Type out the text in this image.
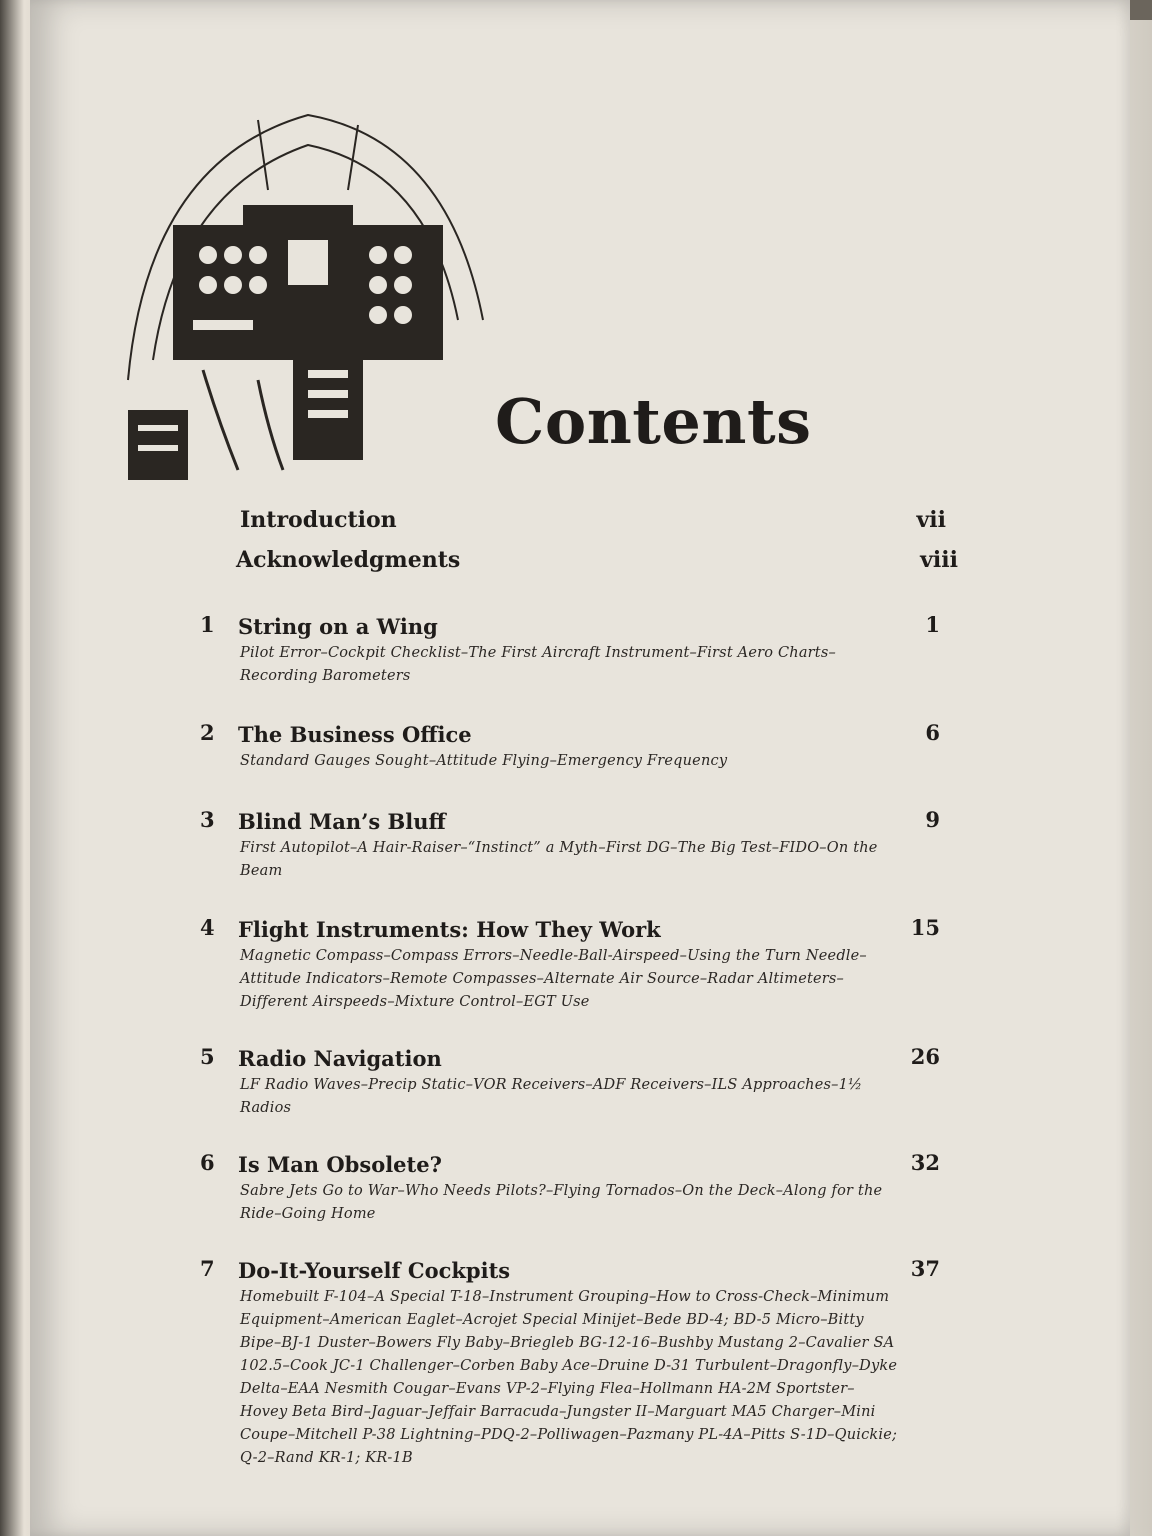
Contents
Introduction	vii
Acknowledgments	viii
1 String on a Wing	1
Pilot Error–Cockpit Checklist–The First Aircraft Instrument–First Aero Charts–Recording Barometers
2 The Business Office	6
Standard Gauges Sought–Attitude Flying–Emergency Frequency
3 Blind Man’s Bluff	9
First Autopilot–A Hair-Raiser–“Instinct” a Myth–First DG–The Big Test–FIDO–On the Beam
4 Flight Instruments: How They Work	15
Magnetic Compass–Compass Errors–Needle-Ball-Airspeed–Using the Turn Needle–Attitude Indicators–Remote Compasses–Alternate Air Source–Radar Altimeters–Different Airspeeds–Mixture Control–EGT Use
5 Radio Navigation	26
LF Radio Waves–Precip Static–VOR Receivers–ADF Receivers–ILS Approaches–1½ Radios
6 Is Man Obsolete?	32
Sabre Jets Go to War–Who Needs Pilots?–Flying Tornados–On the Deck–Along for the Ride–Going Home
7 Do-It-Yourself Cockpits	37
Homebuilt F-104–A Special T-18–Instrument Grouping–How to Cross-Check–Minimum Equipment–American Eaglet–Acrojet Special Minijet–Bede BD-4; BD-5 Micro–Bitty Bipe–BJ-1 Duster–Bowers Fly Baby–Briegleb BG-12-16–Bushby Mustang 2–Cavalier SA 102.5–Cook JC-1 Challenger–Corben Baby Ace–Druine D-31 Turbulent–Dragonfly–Dyke Delta–EAA Nesmith Cougar–Evans VP-2–Flying Flea–Hollmann HA-2M Sportster–Hovey Beta Bird–Jaguar–Jeffair Barracuda–Jungster II–Marguart MA5 Charger–Mini Coupe–Mitchell P-38 Lightning–PDQ-2–Polliwagen–Pazmany PL-4A–Pitts S-1D–Quickie; Q-2–Rand KR-1; KR-1B
